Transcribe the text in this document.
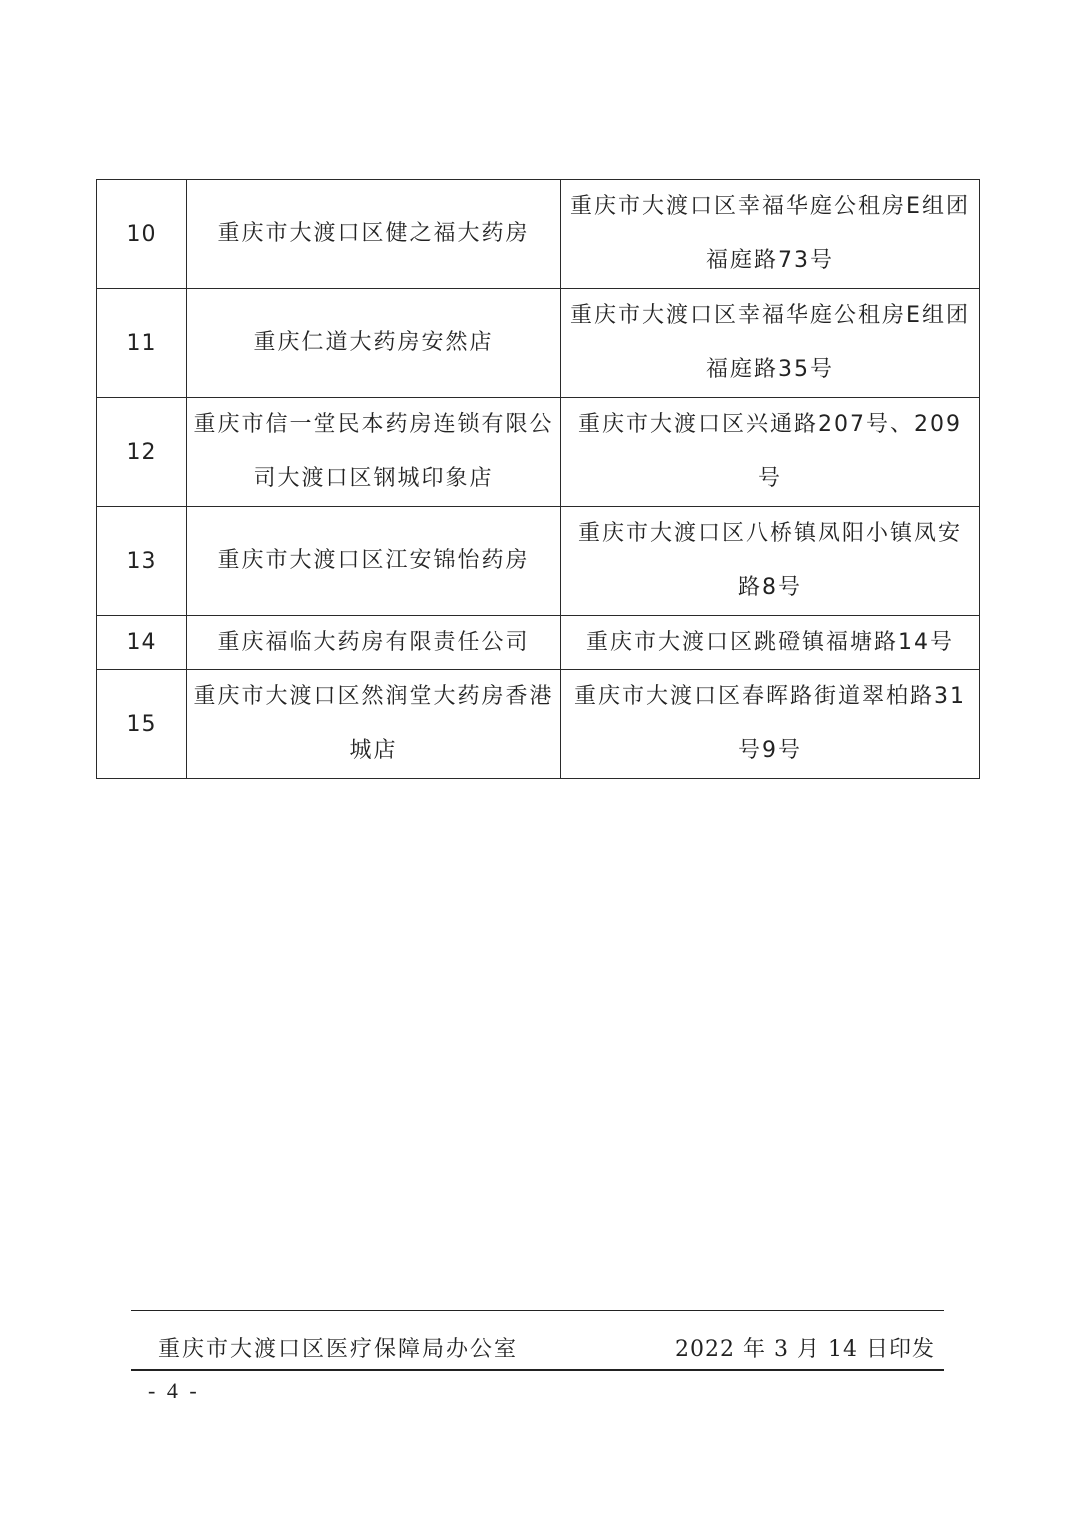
10	重庆市大渡口区健之福大药房	重庆市大渡口区幸福华庭公租房E组团福庭路73号
11	重庆仁道大药房安然店	重庆市大渡口区幸福华庭公租房E组团福庭路35号
12	重庆市信一堂民本药房连锁有限公司大渡口区钢城印象店	重庆市大渡口区兴通路207号、209号
13	重庆市大渡口区江安锦怡药房	重庆市大渡口区八桥镇凤阳小镇凤安路8号
14	重庆福临大药房有限责任公司	重庆市大渡口区跳磴镇福塘路14号
15	重庆市大渡口区然润堂大药房香港城店	重庆市大渡口区春晖路街道翠柏路31号9号
重庆市大渡口区医疗保障局办公室	2022 年 3 月 14 日印发
- 4 -
